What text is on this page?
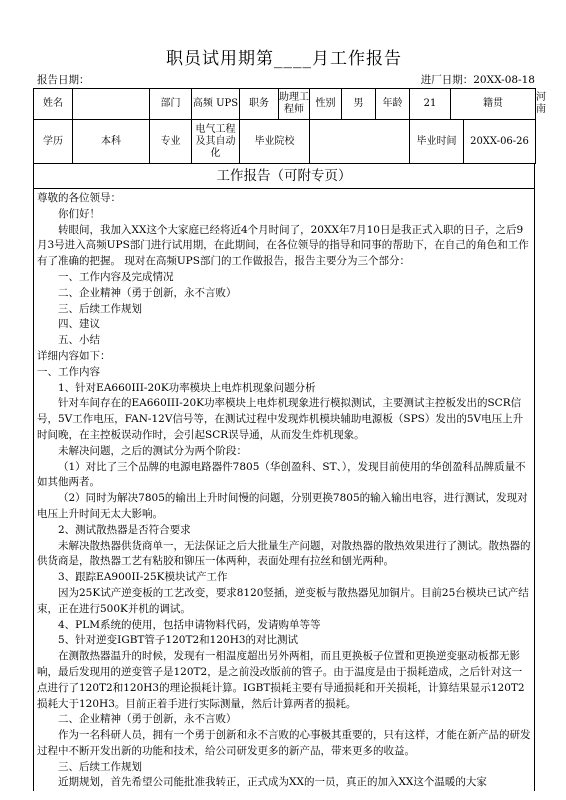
职员试用期第____月工作报告
报告日期：	进厂日期：20XX-08-18
姓名		部门	高频 UPS	职务	助理工程师	性别	男	年龄	21 籍贯		河南
学历	本科	专业	电气工程及其自动化	毕业院校					毕业时间	20XX-06-26	
工作报告（可附专页）

尊敬的各位领导：

你们好！

转眼间，我加入XX这个大家庭已经将近4个月时间了，20XX年7月10日是我正式入职的日子，之后9月3号进入高频UPS部门进行试用期，在此期间，在各位领导的指导和同事的帮助下，在自己的角色和工作有了准确的把握。 现对在高频UPS部门的工作做报告，报告主要分为三个部分：

一、工作内容及完成情况

二、企业精神（勇于创新，永不言败）

三、后续工作规划

四、建议

五、小结

详细内容如下：

一、工作内容

1、针对EA660III-20K功率模块上电炸机现象问题分析

针对车间存在的EA660III-20K功率模块上电炸机现象进行模拟测试，主要测试主控板发出的SCR信号，5V工作电压，FAN-12V信号等，在测试过程中发现炸机模块辅助电源板（SPS）发出的5V电压上升时间晚，在主控板误动作时，会引起SCR误导通，从而发生炸机现象。

未解决问题，之后的测试分为两个阶段：

（1）对比了三个品牌的电源电路器件7805（华创盈科、ST、），发现目前使用的华创盈科品牌质量不如其他两者。

（2）同时为解决7805的输出上升时间慢的问题，分别更换7805的输入输出电容，进行测试，发现对电压上升时间无太大影响。

2、测试散热器是否符合要求

未解决散热器供货商单一，无法保证之后大批量生产问题，对散热器的散热效果进行了测试。散热器的供货商是，散热器工艺有粘胶和铆压一体两种，表面处理有拉丝和刨光两种。

3、跟踪EA900II-25K模块试产工作

因为25K试产逆变板的工艺改变，要求8120竖插，逆变板与散热器见加铜片。目前25台模块已试产结束，正在进行500K并机的调试。

4、PLM系统的使用，包括申请物料代码，发请购单等等

5、针对逆变IGBT管子120T2和120H3的对比测试

在测散热器温升的时候，发现有一相温度超出另外两相，而且更换板子位置和更换逆变驱动板都无影响，最后发现用的逆变管子是120T2，是之前没改版前的管子。由于温度是由于损耗造成，之后针对这一点进行了120T2和120H3的理论损耗计算。IGBT损耗主要有导通损耗和开关损耗，计算结果显示120T2损耗大于120H3。目前正着手进行实际测量，然后计算两者的损耗。

二、企业精神（勇于创新，永不言败）

作为一名科研人员，拥有一个勇于创新和永不言败的心事极其重要的，只有这样，才能在新产品的研发过程中不断开发出新的功能和技术，给公司研发更多的新产品，带来更多的收益。

三、后续工作规划

近期规划，首先希望公司能批准我转正，正式成为XX的一员，真正的加入XX这个温暖的大家
